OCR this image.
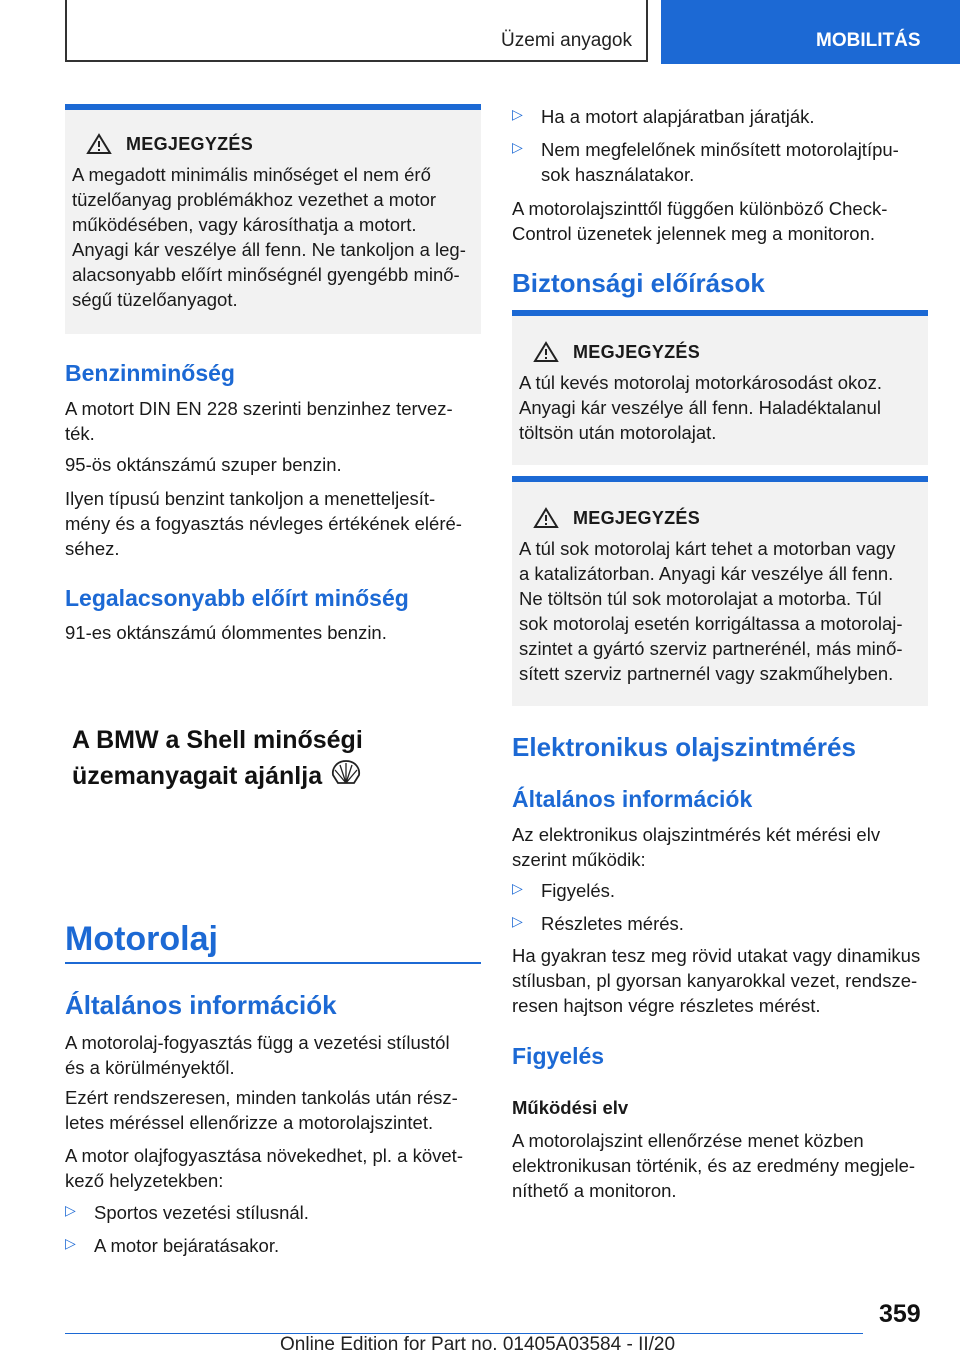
Üzemi anyagok	MOBILITÁS
MEGJEGYZÉS
A megadott minimális minőséget el nem érő
tüzelőanyag problémákhoz vezethet a motor
működésében, vagy károsíthatja a motort.
Anyagi kár veszélye áll fenn. Ne tankoljon a leg-
alacsonyabb előírt minőségnél gyengébb minő-
ségű tüzelőanyagot.
Benzinminőség

A motort DIN EN 228 szerinti benzinhez tervez-

ték.

95-ös oktánszámú szuper benzin.

Ilyen típusú benzint tankoljon a menetteljesít-

mény és a fogyasztás névleges értékének eléré-

séhez.

Legalacsonyabb előírt minőség

91-es oktánszámú ólommentes benzin.

A BMW a Shell minőségi
üzemanyagait ajánlja
Motorolaj
Általános információk

A motorolaj-fogyasztás függ a vezetési stílustól

és a körülményektől.

Ezért rendszeresen, minden tankolás után rész-

letes méréssel ellenőrizze a motorolajszintet.

A motor olajfogyasztása növekedhet, pl. a követ-

kező helyzetekben:

▷ Sportos vezetési stílusnál.

▷ A motor bejáratásakor.

▷ Ha a motort alapjáratban járatják.

▷ Nem megfelelőnek minősített motorolajtípu-

sok használatakor.

A motorolajszinttől függően különböző Check-

Control üzenetek jelennek meg a monitoron.

Biztonsági előírások
MEGJEGYZÉS
A túl kevés motorolaj motorkárosodást okoz.
Anyagi kár veszélye áll fenn. Haladéktalanul
töltsön után motorolajat.
MEGJEGYZÉS
A túl sok motorolaj kárt tehet a motorban vagy
a katalizátorban. Anyagi kár veszélye áll fenn.
Ne töltsön túl sok motorolajat a motorba. Túl
sok motorolaj esetén korrigáltassa a motorolaj-
szintet a gyártó szerviz partnerénél, más minő-
sített szerviz partnernél vagy szakműhelyben.
Elektronikus olajszintmérés
Általános információk

Az elektronikus olajszintmérés két mérési elv

szerint működik:

▷ Figyelés.

▷ Részletes mérés.

Ha gyakran tesz meg rövid utakat vagy dinamikus

stílusban, pl gyorsan kanyarokkal vezet, rendsze-

resen hajtson végre részletes mérést.

Figyelés
Működési elv

A motorolajszint ellenőrzése menet közben

elektronikusan történik, és az eredmény megjele-

níthető a monitoron.

359
Online Edition for Part no. 01405A03584 - II/20
